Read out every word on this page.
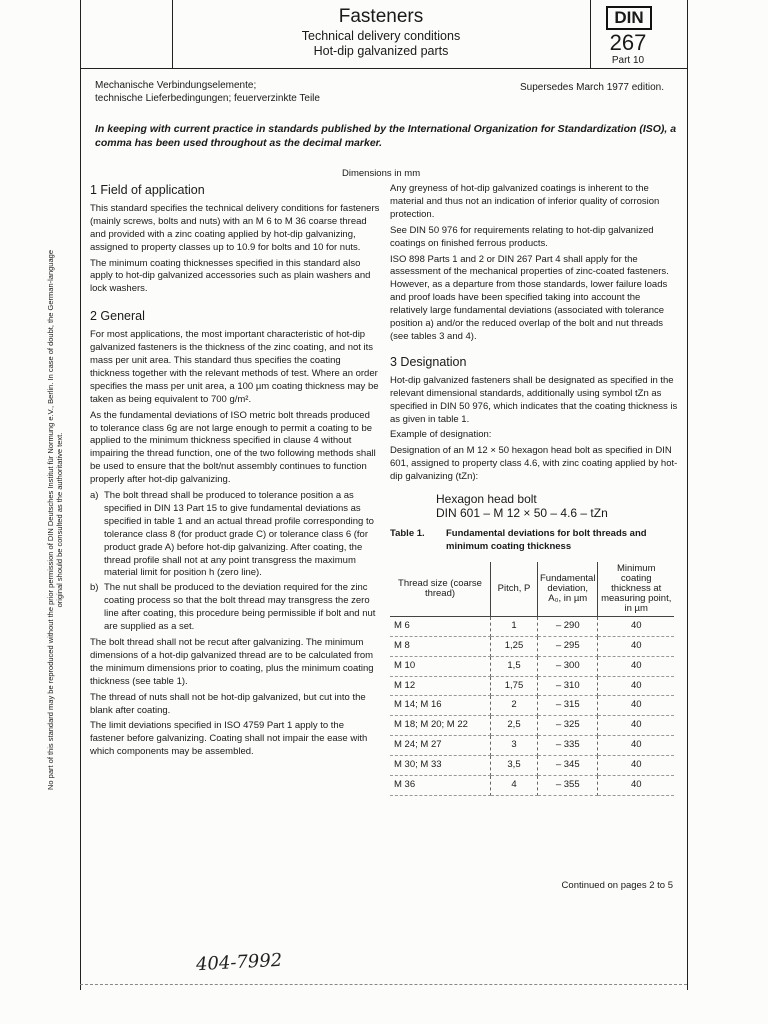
Fasteners
Technical delivery conditions
Hot-dip galvanized parts
DIN
267
Part 10
Mechanische Verbindungselemente;
technische Lieferbedingungen; feuerverzinkte Teile
Supersedes March 1977 edition.
In keeping with current practice in standards published by the International Organization for Standardization (ISO), a comma has been used throughout as the decimal marker.
Dimensions in mm
No part of this standard may be reproduced without the prior permission of DIN Deutsches Institut für Normung e.V., Berlin. In case of doubt, the German-language original should be consulted as the authoritative text.
1 Field of application

This standard specifies the technical delivery conditions for fasteners (mainly screws, bolts and nuts) with an M 6 to M 36 coarse thread and provided with a zinc coating applied by hot-dip galvanizing, assigned to property classes up to 10.9 for bolts and 10 for nuts.

The minimum coating thicknesses specified in this standard also apply to hot-dip galvanized accessories such as plain washers and lock washers.

2 General

For most applications, the most important characteristic of hot-dip galvanized fasteners is the thickness of the zinc coating, and not its mass per unit area. This standard thus specifies the coating thickness together with the relevant methods of test. Where an order specifies the mass per unit area, a 100 µm coating thickness may be taken as being equivalent to 700 g/m².

As the fundamental deviations of ISO metric bolt threads produced to tolerance class 6g are not large enough to permit a coating to be applied to the minimum thickness specified in clause 4 without impairing the thread function, one of the two following methods shall be used to ensure that the bolt/nut assembly continues to function properly after hot-dip galvanizing.

a) The bolt thread shall be produced to tolerance position a as specified in DIN 13 Part 15 to give fundamental deviations as specified in table 1 and an actual thread profile corresponding to tolerance class 8 (for product grade C) or tolerance class 6 (for product grade A) before hot-dip galvanizing. After coating, the thread profile shall not at any point transgress the maximum material limit for position h (zero line).
b) The nut shall be produced to the deviation required for the zinc coating process so that the bolt thread may transgress the zero line after coating, this procedure being permissible if bolt and nut are supplied as a set.

The bolt thread shall not be recut after galvanizing. The minimum dimensions of a hot-dip galvanized thread are to be calculated from the minimum dimensions prior to coating, plus the minimum coating thickness (see table 1).

The thread of nuts shall not be hot-dip galvanized, but cut into the blank after coating.

The limit deviations specified in ISO 4759 Part 1 apply to the fastener before galvanizing. Coating shall not impair the ease with which components may be assembled.

Any greyness of hot-dip galvanized coatings is inherent to the material and thus not an indication of inferior quality of corrosion protection.

See DIN 50 976 for requirements relating to hot-dip galvanized coatings on finished ferrous products.

ISO 898 Parts 1 and 2 or DIN 267 Part 4 shall apply for the assessment of the mechanical properties of zinc-coated fasteners. However, as a departure from those standards, lower failure loads and proof loads have been specified taking into account the relatively large fundamental deviations (associated with tolerance position a) and/or the reduced overlap of the bolt and nut threads (see tables 3 and 4).

3 Designation

Hot-dip galvanized fasteners shall be designated as specified in the relevant dimensional standards, additionally using symbol tZn as specified in DIN 50 976, which indicates that the coating thickness is as given in table 1.

Example of designation:

Designation of an M 12 × 50 hexagon head bolt as specified in DIN 601, assigned to property class 4.6, with zinc coating applied by hot-dip galvanizing (tZn):

Hexagon head bolt
DIN 601 – M 12 × 50 – 4.6 – tZn
Table 1.	Fundamental deviations for bolt threads and minimum coating thickness
Thread size (coarse thread)	Pitch, P	Fundamental deviation, A₀, in µm	Minimum coating thickness at measuring point, in µm
M 6	1	– 290	40
M 8	1,25	– 295	40
M 10	1,5	– 300	40
M 12	1,75	– 310	40
M 14; M 16	2	– 315	40
M 18; M 20; M 22	2,5	– 325	40
M 24; M 27	3	– 335	40
M 30; M 33	3,5	– 345	40
M 36	4	– 355	40
Continued on pages 2 to 5
404-7992
